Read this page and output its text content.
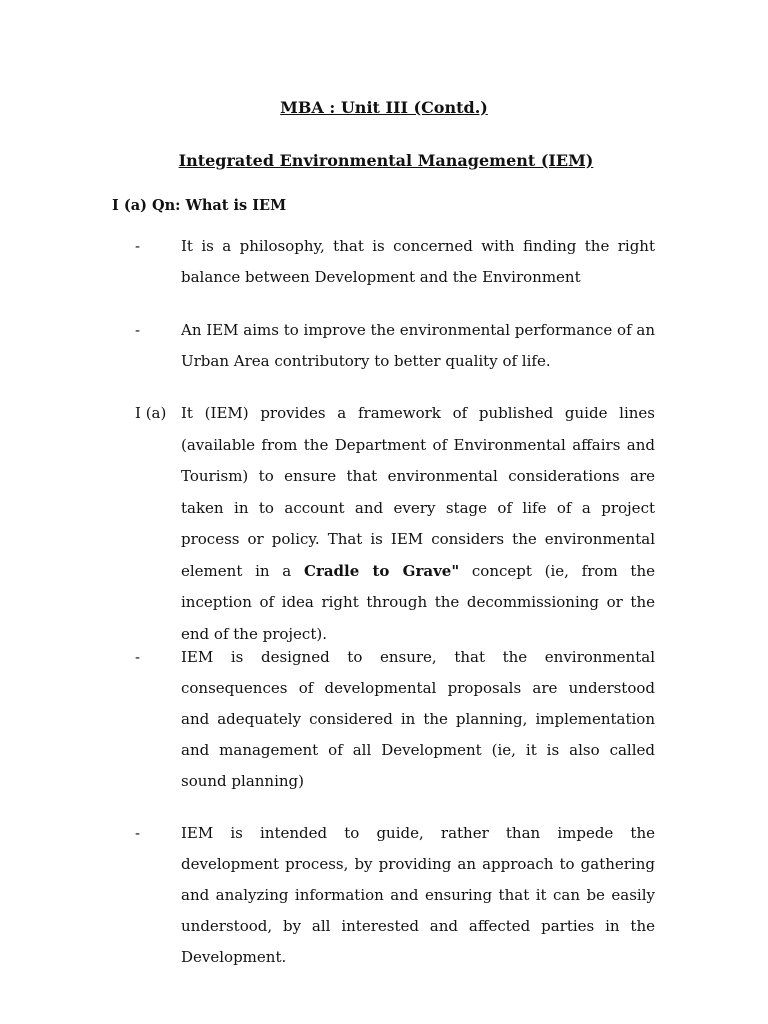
MBA : Unit III (Contd.)
Integrated Environmental Management (IEM)

I (a) Qn: What is IEM

-	It is a philosophy, that is concerned with finding the right balance between Development and the Environment

-	An IEM aims to improve the environmental performance of an Urban Area contributory to better quality of life.

I (a) It (IEM) provides a framework of published guide lines (available from the Department of Environmental affairs and Tourism) to ensure that environmental considerations are taken in to account and every stage of life of a project process or policy. That is IEM considers the environmental element in a Cradle to Grave" concept (ie, from the inception of idea right through the decommissioning or the end of the project).

-	IEM is designed to ensure, that the environmental consequences of developmental proposals are understood and adequately considered in the planning, implementation and management of all Development (ie, it is also called sound planning)

-	IEM is intended to guide, rather than impede the development process, by providing an approach to gathering and analyzing information and ensuring that it can be easily understood, by all interested and affected parties in the Development.
